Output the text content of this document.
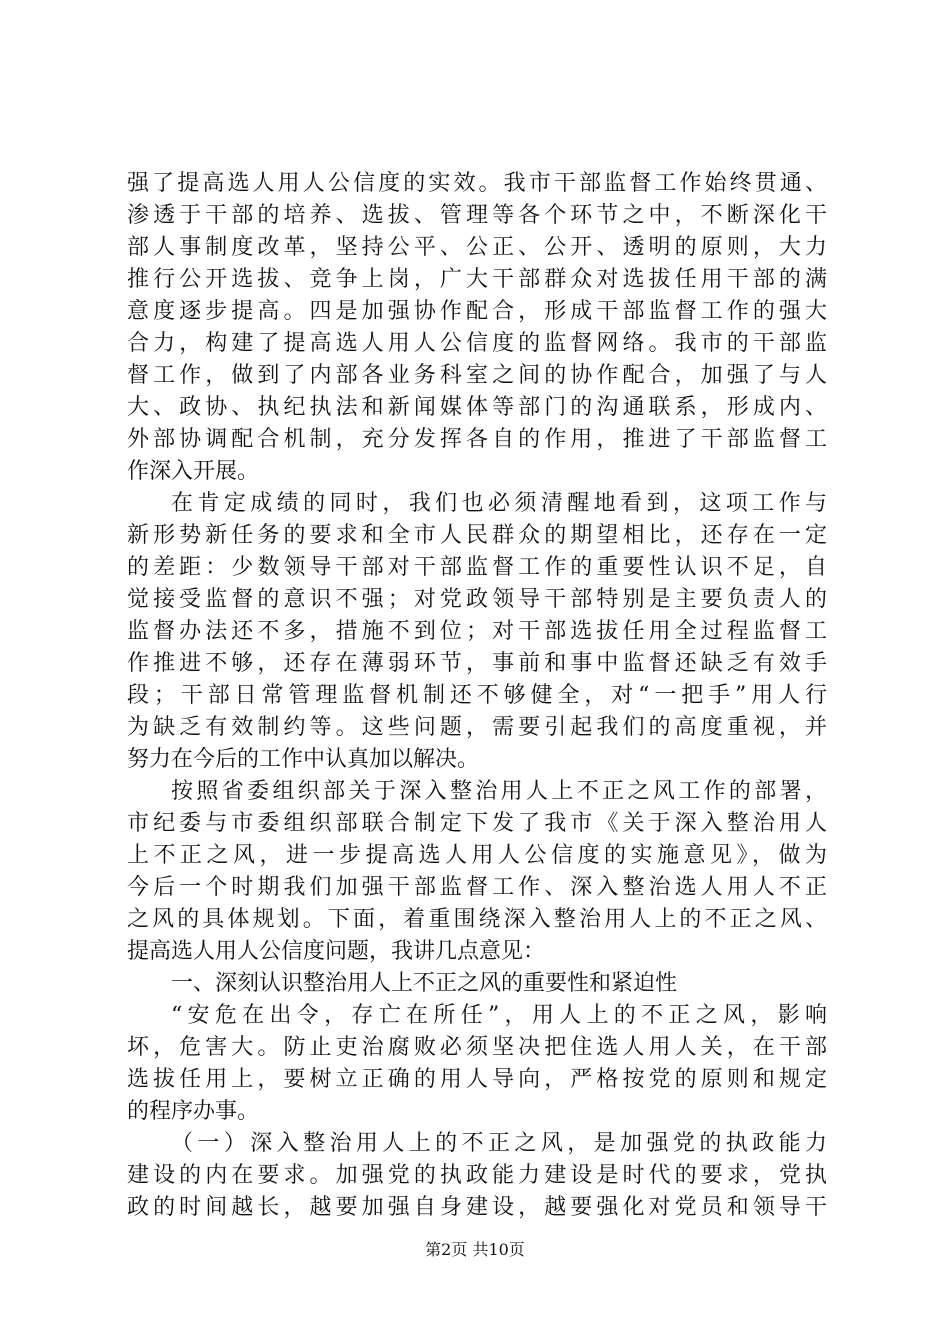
强了提高选人用人公信度的实效。我市干部监督工作始终贯通、
渗透于干部的培养、选拔、管理等各个环节之中，不断深化干
部人事制度改革，坚持公平、公正、公开、透明的原则，大力
推行公开选拔、竞争上岗，广大干部群众对选拔任用干部的满
意度逐步提高。四是加强协作配合，形成干部监督工作的强大
合力，构建了提高选人用人公信度的监督网络。我市的干部监
督工作，做到了内部各业务科室之间的协作配合，加强了与人
大、政协、执纪执法和新闻媒体等部门的沟通联系，形成内、
外部协调配合机制，充分发挥各自的作用，推进了干部监督工
作深入开展。
在肯定成绩的同时，我们也必须清醒地看到，这项工作与
新形势新任务的要求和全市人民群众的期望相比，还存在一定
的差距：少数领导干部对干部监督工作的重要性认识不足，自
觉接受监督的意识不强；对党政领导干部特别是主要负责人的
监督办法还不多，措施不到位；对干部选拔任用全过程监督工
作推进不够，还存在薄弱环节，事前和事中监督还缺乏有效手
段；干部日常管理监督机制还不够健全，对“一把手”用人行
为缺乏有效制约等。这些问题，需要引起我们的高度重视，并
努力在今后的工作中认真加以解决。
按照省委组织部关于深入整治用人上不正之风工作的部署，
市纪委与市委组织部联合制定下发了我市《关于深入整治用人
上不正之风，进一步提高选人用人公信度的实施意见》，做为
今后一个时期我们加强干部监督工作、深入整治选人用人不正
之风的具体规划。下面，着重围绕深入整治用人上的不正之风、
提高选人用人公信度问题，我讲几点意见：
一、深刻认识整治用人上不正之风的重要性和紧迫性
“安危在出令，存亡在所任”，用人上的不正之风，影响
坏，危害大。防止吏治腐败必须坚决把住选人用人关，在干部
选拔任用上，要树立正确的用人导向，严格按党的原则和规定
的程序办事。
（一）深入整治用人上的不正之风，是加强党的执政能力
建设的内在要求。加强党的执政能力建设是时代的要求，党执
政的时间越长，越要加强自身建设，越要强化对党员和领导干
第2页 共10页
